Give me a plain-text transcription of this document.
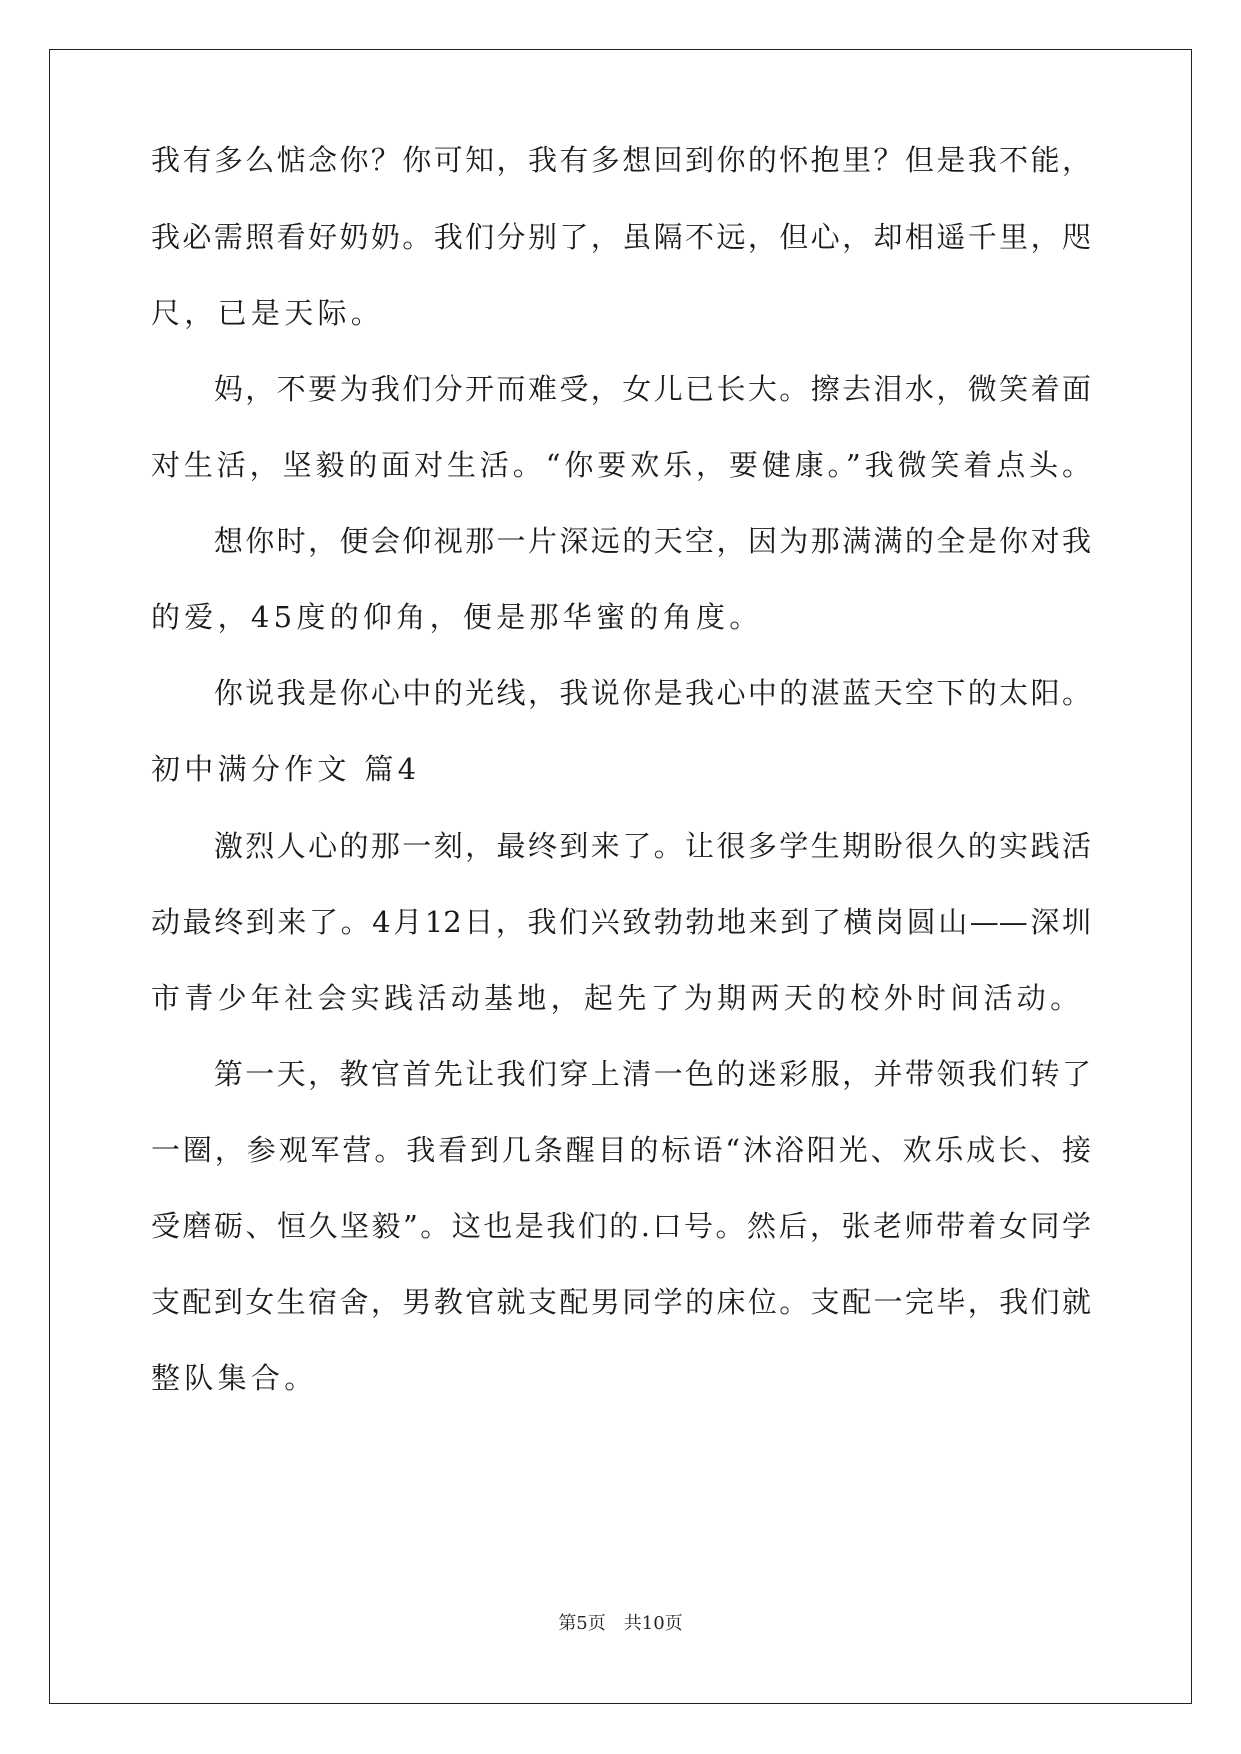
我有多么惦念你？你可知，我有多想回到你的怀抱里？但是我不能，
我必需照看好奶奶。我们分别了，虽隔不远，但心，却相遥千里，咫
尺，已是天际。
　　妈，不要为我们分开而难受，女儿已长大。擦去泪水，微笑着面
对生活，坚毅的面对生活。“你要欢乐，要健康。”我微笑着点头。
　　想你时，便会仰视那一片深远的天空，因为那满满的全是你对我
的爱，45度的仰角，便是那华蜜的角度。
　　你说我是你心中的光线，我说你是我心中的湛蓝天空下的太阳。
初中满分作文 篇4
　　激烈人心的那一刻，最终到来了。让很多学生期盼很久的实践活
动最终到来了。4月12日，我们兴致勃勃地来到了横岗圆山——深圳
市青少年社会实践活动基地，起先了为期两天的校外时间活动。
　　第一天，教官首先让我们穿上清一色的迷彩服，并带领我们转了
一圈，参观军营。我看到几条醒目的标语“沐浴阳光、欢乐成长、接
受磨砺、恒久坚毅”。这也是我们的.口号。然后，张老师带着女同学
支配到女生宿舍，男教官就支配男同学的床位。支配一完毕，我们就
整队集合。
第5页 共10页
